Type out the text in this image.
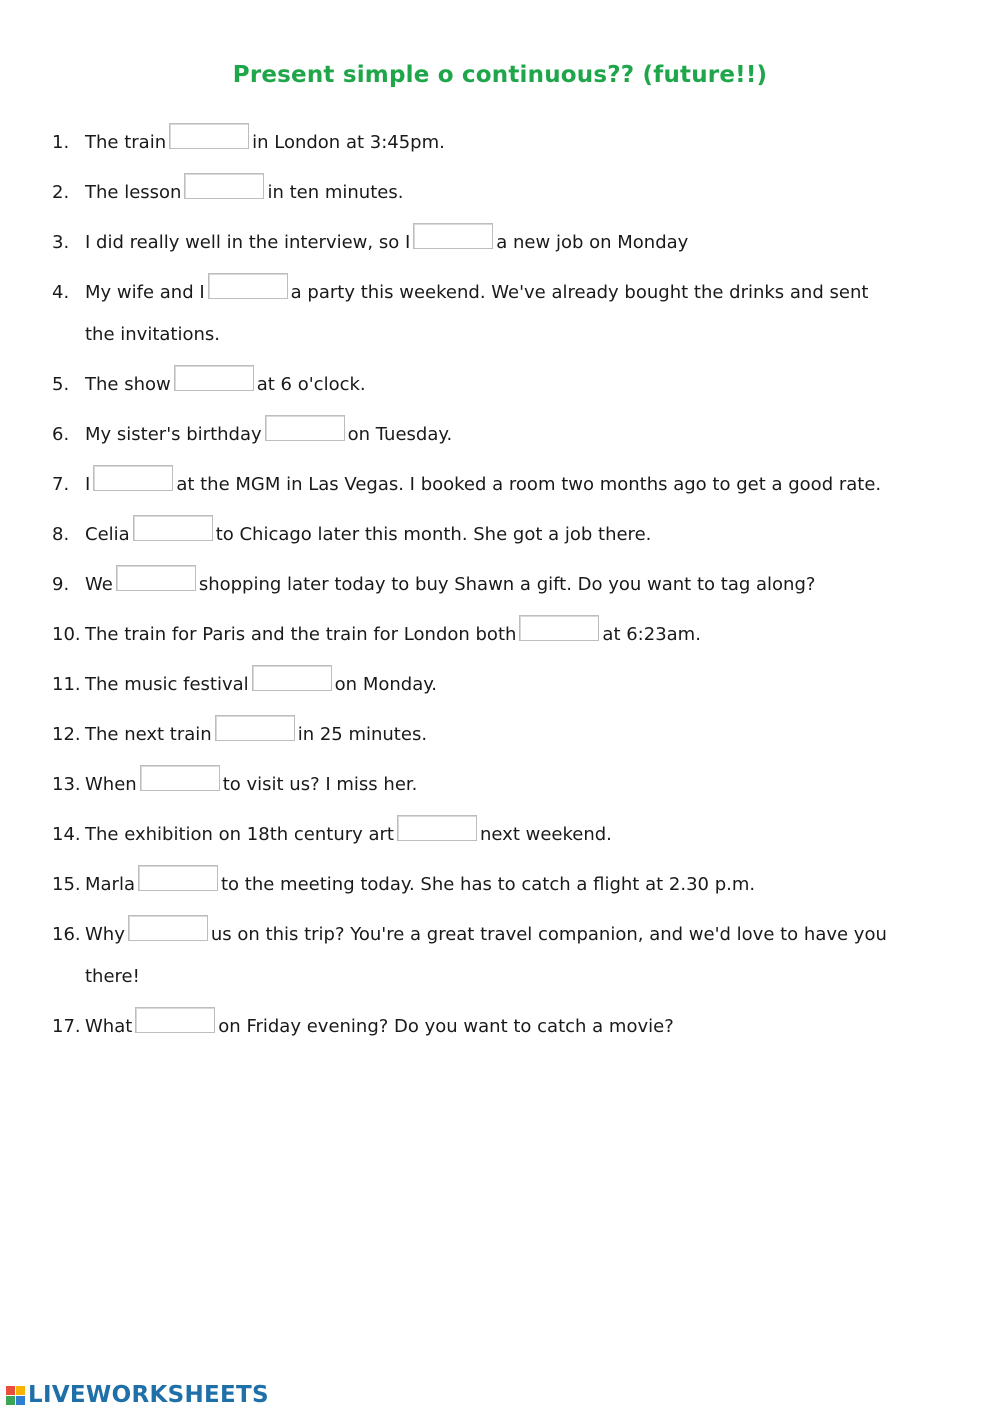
Present simple o continuous?? (future!!)
1. The train	in London at 3:45pm.
2. The lesson	in ten minutes.
3. I did really well in the interview, so I	a new job on Monday
4. My wife and I	a party this weekend. We've already bought the drinks and sent
the invitations.
5. The show	at 6 o'clock.
6. My sister's birthday	on Tuesday.
7. I	at the MGM in Las Vegas. I booked a room two months ago to get a good rate.
8. Celia	to Chicago later this month. She got a job there.
9. We	shopping later today to buy Shawn a gift. Do you want to tag along?
10. The train for Paris and the train for London both	at 6:23am.
11. The music festival	on Monday.
12. The next train	in 25 minutes.
13. When	to visit us? I miss her.
14. The exhibition on 18th century art	next weekend.
15. Marla	to the meeting today. She has to catch a flight at 2.30 p.m.
16. Why	us on this trip? You're a great travel companion, and we'd love to have you
there!
17. What	on Friday evening? Do you want to catch a movie?
LIVEWORKSHEETS
